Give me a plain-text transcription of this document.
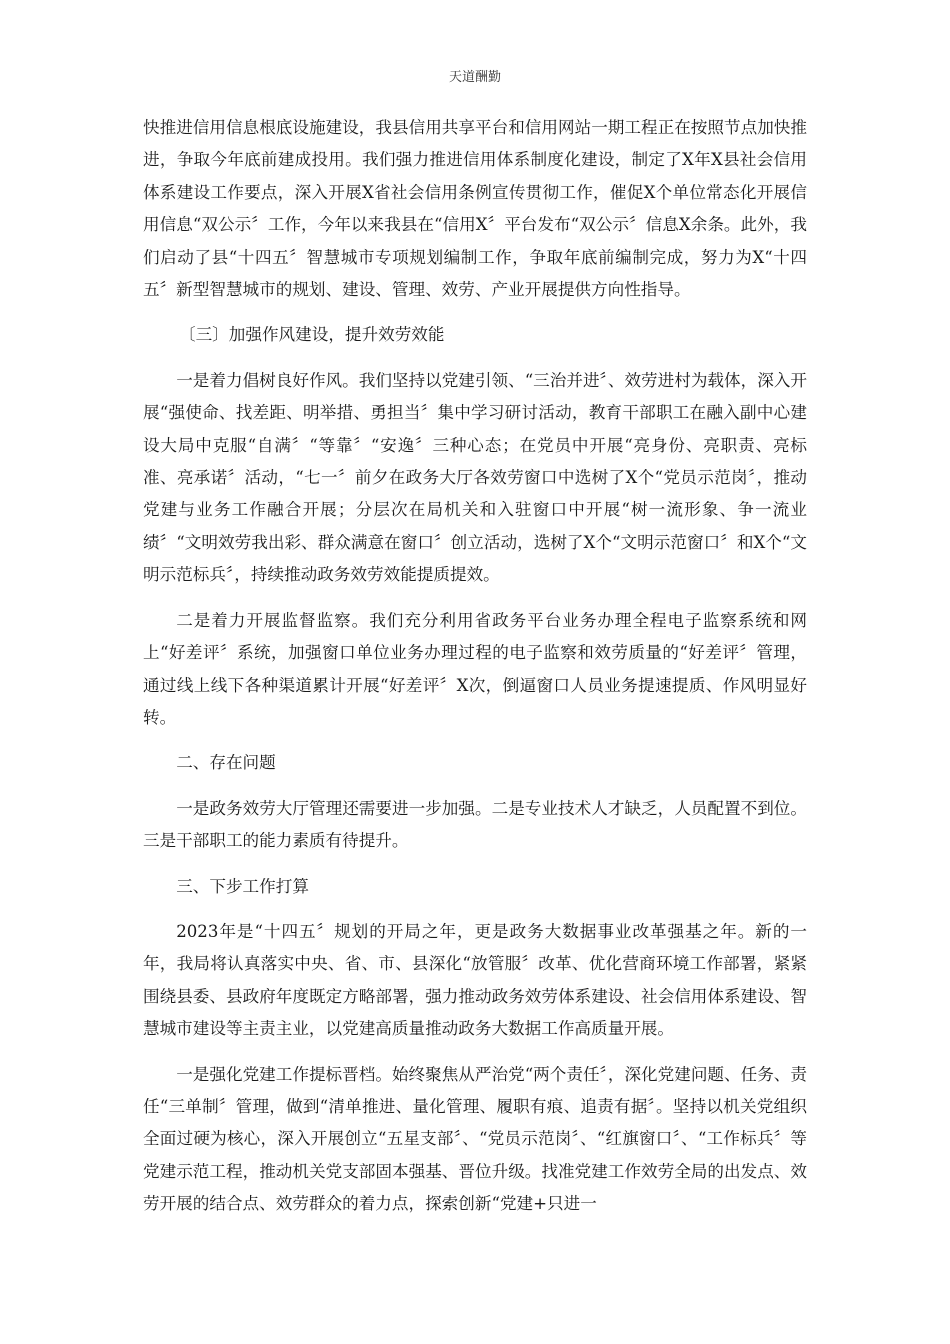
天道酬勤

快推进信用信息根底设施建设，我县信用共享平台和信用网站一期工程正在按照节点加快推进，争取今年底前建成投用。我们强力推进信用体系制度化建设，制定了X年X县社会信用体系建设工作要点，深入开展X省社会信用条例宣传贯彻工作，催促X个单位常态化开展信用信息“双公示〞工作，今年以来我县在“信用X〞平台发布“双公示〞信息X余条。此外，我们启动了县“十四五〞智慧城市专项规划编制工作，争取年底前编制完成，努力为X“十四五〞新型智慧城市的规划、建设、管理、效劳、产业开展提供方向性指导。

〔三〕加强作风建设，提升效劳效能

一是着力倡树良好作风。我们坚持以党建引领、“三治并进〞、效劳进村为载体，深入开展“强使命、找差距、明举措、勇担当〞集中学习研讨活动，教育干部职工在融入副中心建设大局中克服“自满〞“等靠〞“安逸〞三种心态；在党员中开展“亮身份、亮职责、亮标准、亮承诺〞活动，“七一〞前夕在政务大厅各效劳窗口中选树了X个“党员示范岗〞，推动党建与业务工作融合开展；分层次在局机关和入驻窗口中开展“树一流形象、争一流业绩〞“文明效劳我出彩、群众满意在窗口〞创立活动，选树了X个“文明示范窗口〞和X个“文明示范标兵〞，持续推动政务效劳效能提质提效。

二是着力开展监督监察。我们充分利用省政务平台业务办理全程电子监察系统和网上“好差评〞系统，加强窗口单位业务办理过程的电子监察和效劳质量的“好差评〞管理，通过线上线下各种渠道累计开展“好差评〞X次，倒逼窗口人员业务提速提质、作风明显好转。

二、存在问题

一是政务效劳大厅管理还需要进一步加强。二是专业技术人才缺乏，人员配置不到位。三是干部职工的能力素质有待提升。

三、下步工作打算

2023年是“十四五〞规划的开局之年，更是政务大数据事业改革强基之年。新的一年，我局将认真落实中央、省、市、县深化“放管服〞改革、优化营商环境工作部署，紧紧围绕县委、县政府年度既定方略部署，强力推动政务效劳体系建设、社会信用体系建设、智慧城市建设等主责主业，以党建高质量推动政务大数据工作高质量开展。

一是强化党建工作提标晋档。始终聚焦从严治党“两个责任〞，深化党建问题、任务、责任“三单制〞管理，做到“清单推进、量化管理、履职有痕、追责有据〞。坚持以机关党组织全面过硬为核心，深入开展创立“五星支部〞、“党员示范岗〞、“红旗窗口〞、“工作标兵〞等党建示范工程，推动机关党支部固本强基、晋位升级。找准党建工作效劳全局的出发点、效劳开展的结合点、效劳群众的着力点，探索创新“党建+只进一
